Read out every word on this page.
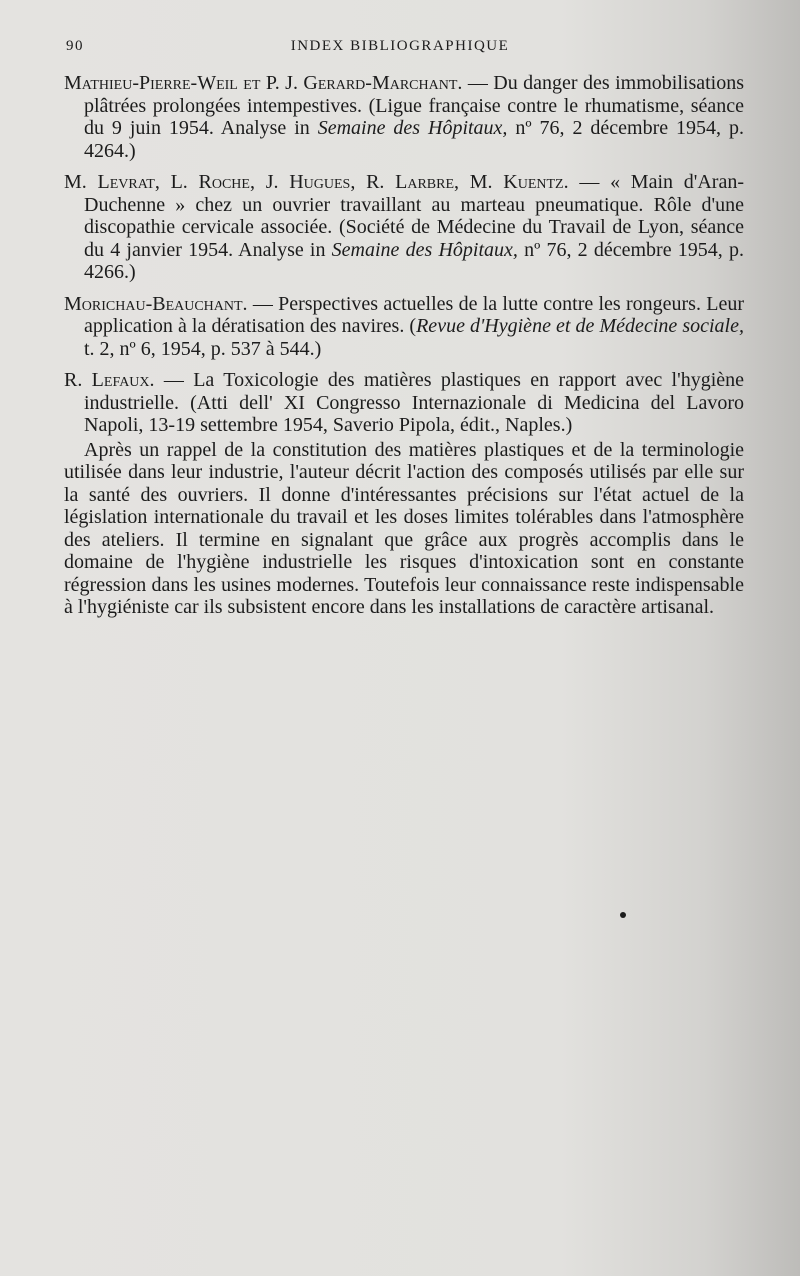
90	INDEX BIBLIOGRAPHIQUE

Mathieu-Pierre-Weil et P. J. Gerard-Marchant. — Du danger des immobilisations plâtrées prolongées intempestives. (Ligue française contre le rhumatisme, séance du 9 juin 1954. Analyse in Semaine des Hôpitaux, nº 76, 2 décembre 1954, p. 4264.)

M. Levrat, L. Roche, J. Hugues, R. Larbre, M. Kuentz. — « Main d'Aran-Duchenne » chez un ouvrier travaillant au marteau pneumatique. Rôle d'une discopathie cervicale associée. (Société de Médecine du Travail de Lyon, séance du 4 janvier 1954. Analyse in Semaine des Hôpitaux, nº 76, 2 décembre 1954, p. 4266.)

Morichau-Beauchant. — Perspectives actuelles de la lutte contre les rongeurs. Leur application à la dératisation des navires. (Revue d'Hygiène et de Médecine sociale, t. 2, nº 6, 1954, p. 537 à 544.)

R. Lefaux. — La Toxicologie des matières plastiques en rapport avec l'hygiène industrielle. (Atti dell' XI Congresso Internazionale di Medicina del Lavoro Napoli, 13-19 settembre 1954, Saverio Pipola, édit., Naples.)

Après un rappel de la constitution des matières plastiques et de la terminologie utilisée dans leur industrie, l'auteur décrit l'action des composés utilisés par elle sur la santé des ouvriers. Il donne d'intéressantes précisions sur l'état actuel de la législation internationale du travail et les doses limites tolérables dans l'atmosphère des ateliers. Il termine en signalant que grâce aux progrès accomplis dans le domaine de l'hygiène industrielle les risques d'intoxication sont en constante régression dans les usines modernes. Toutefois leur connaissance reste indispensable à l'hygiéniste car ils subsistent encore dans les installations de caractère artisanal.
